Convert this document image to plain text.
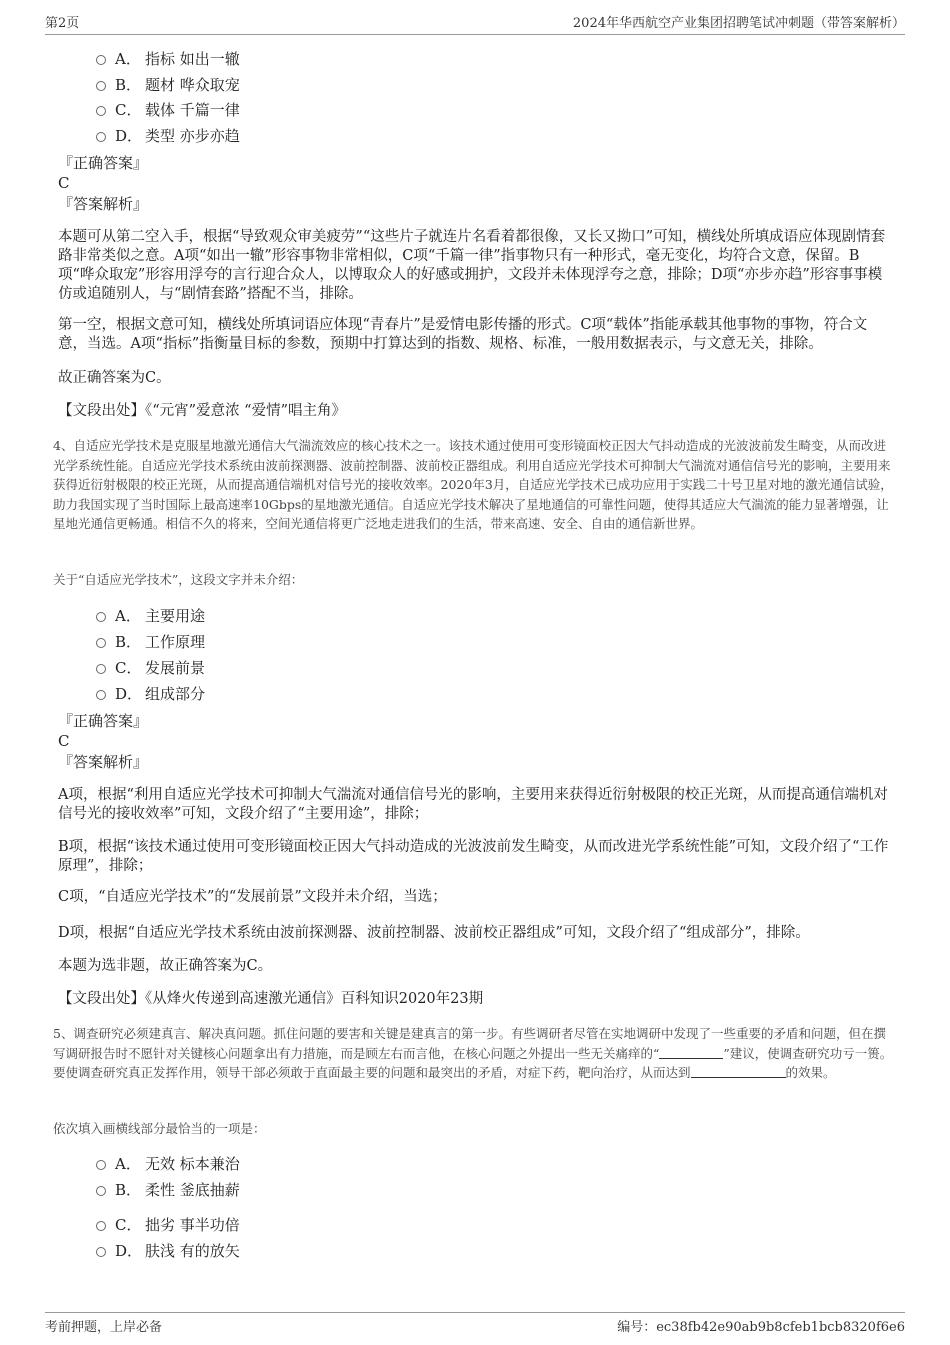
第2页	2024年华西航空产业集团招聘笔试冲刺题（带答案解析）
A． 指标 如出一辙
B． 题材 哗众取宠
C． 载体 千篇一律
D． 类型 亦步亦趋
『正确答案』
C
『答案解析』
本题可从第二空入手，根据“导致观众审美疲劳”“这些片子就连片名看着都很像，又长又拗口”可知，横线处所填成语应体现剧情套路非常类似之意。A项“如出一辙”形容事物非常相似，C项“千篇一律”指事物只有一种形式，毫无变化，均符合文意，保留。B项“哗众取宠”形容用浮夸的言行迎合众人，以博取众人的好感或拥护，文段并未体现浮夸之意，排除；D项“亦步亦趋”形容事事模仿或追随别人，与“剧情套路”搭配不当，排除。
第一空，根据文意可知，横线处所填词语应体现“青春片”是爱情电影传播的形式。C项“载体”指能承载其他事物的事物，符合文意，当选。A项“指标”指衡量目标的参数，预期中打算达到的指数、规格、标准，一般用数据表示，与文意无关，排除。
故正确答案为C。
【文段出处】《“元宵”爱意浓 “爱情”唱主角》
4、自适应光学技术是克服星地激光通信大气湍流效应的核心技术之一。该技术通过使用可变形镜面校正因大气抖动造成的光波波前发生畸变，从而改进光学系统性能。自适应光学技术系统由波前探测器、波前控制器、波前校正器组成。利用自适应光学技术可抑制大气湍流对通信信号光的影响，主要用来获得近衍射极限的校正光斑，从而提高通信端机对信号光的接收效率。2020年3月，自适应光学技术已成功应用于实践二十号卫星对地的激光通信试验，助力我国实现了当时国际上最高速率10Gbps的星地激光通信。自适应光学技术解决了星地通信的可靠性问题，使得其适应大气湍流的能力显著增强，让星地光通信更畅通。相信不久的将来，空间光通信将更广泛地走进我们的生活，带来高速、安全、自由的通信新世界。
关于“自适应光学技术”，这段文字并未介绍：
A． 主要用途
B． 工作原理
C． 发展前景
D． 组成部分
『正确答案』
C
『答案解析』
A项，根据“利用自适应光学技术可抑制大气湍流对通信信号光的影响，主要用来获得近衍射极限的校正光斑，从而提高通信端机对信号光的接收效率”可知，文段介绍了“主要用途”，排除；
B项，根据“该技术通过使用可变形镜面校正因大气抖动造成的光波波前发生畸变，从而改进光学系统性能”可知，文段介绍了“工作原理”，排除；
C项，“自适应光学技术”的“发展前景”文段并未介绍，当选；
D项，根据“自适应光学技术系统由波前探测器、波前控制器、波前校正器组成”可知，文段介绍了“组成部分”，排除。
本题为选非题，故正确答案为C。
【文段出处】《从烽火传递到高速激光通信》百科知识2020年23期
5、调查研究必须建真言、解决真问题。抓住问题的要害和关键是建真言的第一步。有些调研者尽管在实地调研中发现了一些重要的矛盾和问题，但在撰写调研报告时不愿针对关键核心问题拿出有力措施，而是顾左右而言他，在核心问题之外提出一些无关痛痒的“	”建议，使调查研究功亏一篑。要使调查研究真正发挥作用，领导干部必须敢于直面最主要的问题和最突出的矛盾，对症下药，靶向治疗，从而达到	的效果。
依次填入画横线部分最恰当的一项是：
A． 无效 标本兼治
B． 柔性 釜底抽薪
C． 拙劣 事半功倍
D． 肤浅 有的放矢
考前押题，上岸必备	编号：ec38fb42e90ab9b8cfeb1bcb8320f6e6
